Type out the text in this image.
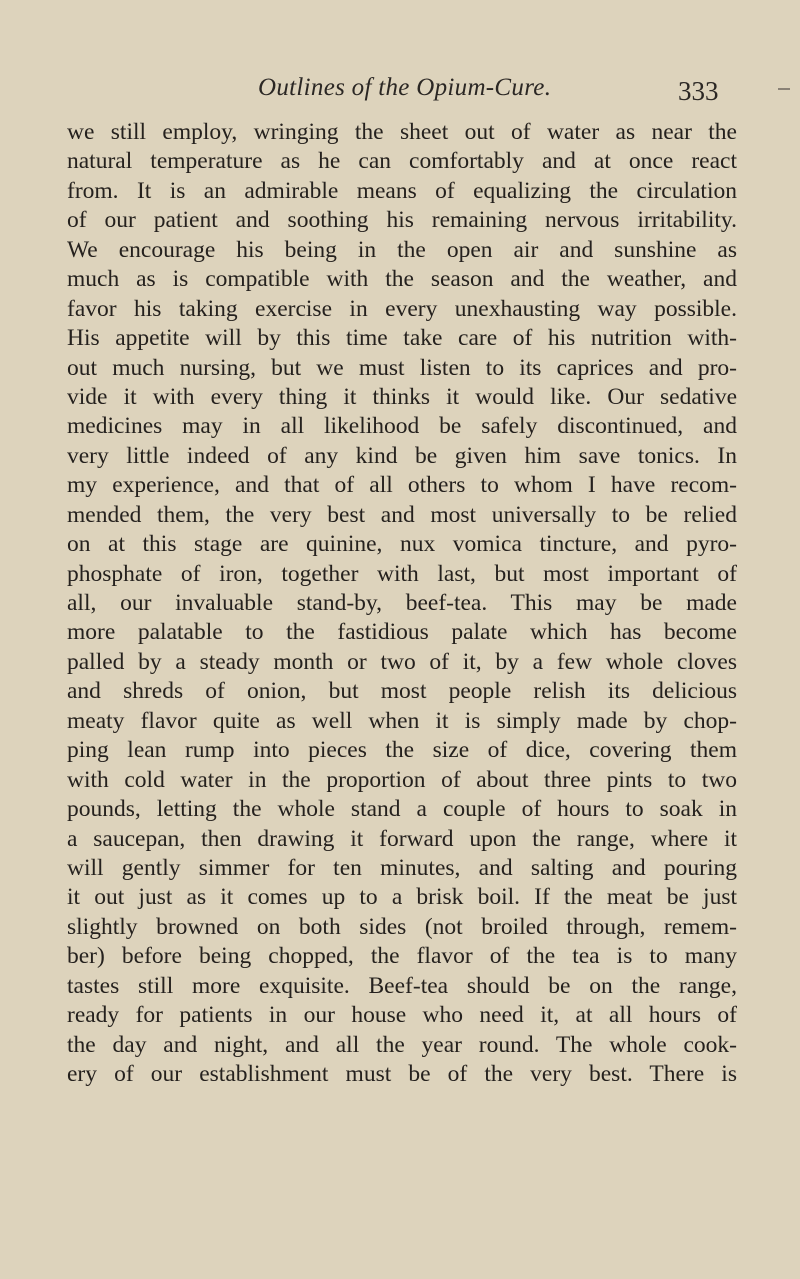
Outlines of the Opium-Cure.	333
we still employ, wringing the sheet out of water as near the
natural temperature as he can comfortably and at once react
from. It is an admirable means of equalizing the circulation
of our patient and soothing his remaining nervous irritability.
We encourage his being in the open air and sunshine as
much as is compatible with the season and the weather, and
favor his taking exercise in every unexhausting way possible.
His appetite will by this time take care of his nutrition with-
out much nursing, but we must listen to its caprices and pro-
vide it with every thing it thinks it would like. Our sedative
medicines may in all likelihood be safely discontinued, and
very little indeed of any kind be given him save tonics. In
my experience, and that of all others to whom I have recom-
mended them, the very best and most universally to be relied
on at this stage are quinine, nux vomica tincture, and pyro-
phosphate of iron, together with last, but most important of
all, our invaluable stand-by, beef-tea. This may be made
more palatable to the fastidious palate which has become
palled by a steady month or two of it, by a few whole cloves
and shreds of onion, but most people relish its delicious
meaty flavor quite as well when it is simply made by chop-
ping lean rump into pieces the size of dice, covering them
with cold water in the proportion of about three pints to two
pounds, letting the whole stand a couple of hours to soak in
a saucepan, then drawing it forward upon the range, where it
will gently simmer for ten minutes, and salting and pouring
it out just as it comes up to a brisk boil. If the meat be just
slightly browned on both sides (not broiled through, remem-
ber) before being chopped, the flavor of the tea is to many
tastes still more exquisite. Beef-tea should be on the range,
ready for patients in our house who need it, at all hours of
the day and night, and all the year round. The whole cook-
ery of our establishment must be of the very best. There is
